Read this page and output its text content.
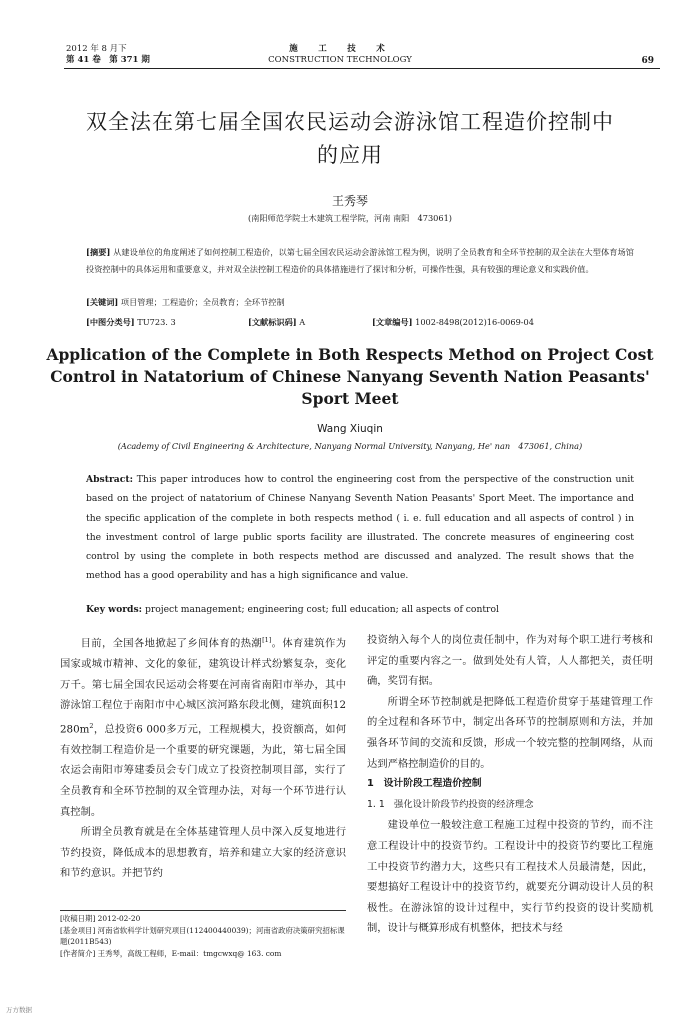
2012 年 8 月下
第 41 卷　第 371 期
施　工　技　术
CONSTRUCTION TECHNOLOGY	69
双全法在第七届全国农民运动会游泳馆工程造价控制中的应用
王秀琴
(南阳师范学院土木建筑工程学院，河南 南阳　473061)
[摘要] 从建设单位的角度阐述了如何控制工程造价，以第七届全国农民运动会游泳馆工程为例，说明了全员教育和全环节控制的双全法在大型体育场馆投资控制中的具体运用和重要意义，并对双全法控制工程造价的具体措施进行了探讨和分析，可操作性强，具有较强的理论意义和实践价值。
[关键词] 项目管理；工程造价；全员教育；全环节控制
[中图分类号] TU723. 3	[文献标识码] A	[文章编号] 1002-8498(2012)16-0069-04
Application of the Complete in Both Respects Method on Project Cost Control in Natatorium of Chinese Nanyang Seventh Nation Peasants' Sport Meet
Wang Xiuqin
(Academy of Civil Engineering & Architecture, Nanyang Normal University, Nanyang, He' nan　473061, China)
Abstract: This paper introduces how to control the engineering cost from the perspective of the construction unit based on the project of natatorium of Chinese Nanyang Seventh Nation Peasants' Sport Meet. The importance and the specific application of the complete in both respects method ( i. e. full education and all aspects of control ) in the investment control of large public sports facility are illustrated. The concrete measures of engineering cost control by using the complete in both respects method are discussed and analyzed. The result shows that the method has a good operability and has a high significance and value.
Key words: project management; engineering cost; full education; all aspects of control

目前，全国各地掀起了乡间体育的热潮[1]。体育建筑作为国家或城市精神、文化的象征，建筑设计样式纷繁复杂，变化万千。第七届全国农民运动会将要在河南省南阳市举办，其中游泳馆工程位于南阳市中心城区滨河路东段北侧，建筑面积12 $280m^2$，总投资6 000多万元，工程规模大，投资额高，如何有效控制工程造价是一个重要的研究课题，为此，第七届全国农运会南阳市筹建委员会专门成立了投资控制项目部，实行了全员教育和全环节控制的双全管理办法，对每一个环节进行认真控制。

所谓全员教育就是在全体基建管理人员中深入反复地进行节约投资，降低成本的思想教育，培养和建立大家的经济意识和节约意识。并把节约

[收稿日期] 2012-02-20
[基金项目] 河南省软科学计划研究项目(112400440039)；河南省政府决策研究招标课题(2011B543)
[作者简介] 王秀琴，高级工程师，E-mail：tmgcwxq@ 163. com

投资纳入每个人的岗位责任制中，作为对每个职工进行考核和评定的重要内容之一。做到处处有人管，人人都把关，责任明确，奖罚有据。

所谓全环节控制就是把降低工程造价贯穿于基建管理工作的全过程和各环节中，制定出各环节的控制原则和方法，并加强各环节间的交流和反馈，形成一个较完整的控制网络，从而达到严格控制造价的目的。

1　设计阶段工程造价控制

1. 1　强化设计阶段节约投资的经济理念

建设单位一般较注意工程施工过程中投资的节约，而不注意工程设计中的投资节约。工程设计中的投资节约要比工程施工中投资节约潜力大，这些只有工程技术人员最清楚，因此，要想搞好工程设计中的投资节约，就要充分调动设计人员的积极性。在游泳馆的设计过程中，实行节约投资的设计奖励机制，设计与概算形成有机整体，把技术与经

万方数据
